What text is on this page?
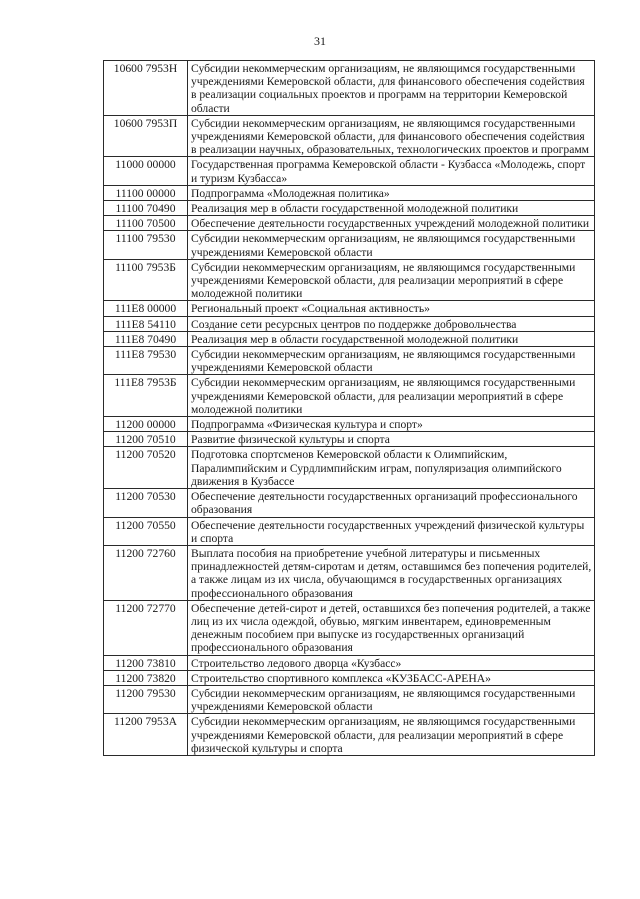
31
10600 7953Н	Субсидии некоммерческим организациям, не являющимся государственными учреждениями Кемеровской области, для финансового обеспечения содействия в реализации социальных проектов и программ на территории Кемеровской области
10600 7953П	Субсидии некоммерческим организациям, не являющимся государственными учреждениями Кемеровской области, для финансового обеспечения содействия в реализации научных, образовательных, технологических проектов и программ
11000 00000	Государственная программа Кемеровской области - Кузбасса «Молодежь, спорт и туризм Кузбасса»
11100 00000	Подпрограмма «Молодежная политика»
11100 70490	Реализация мер в области государственной молодежной политики
11100 70500	Обеспечение деятельности государственных учреждений молодежной политики
11100 79530	Субсидии некоммерческим организациям, не являющимся государственными учреждениями Кемеровской области
11100 7953Б	Субсидии некоммерческим организациям, не являющимся государственными учреждениями Кемеровской области, для реализации мероприятий в сфере молодежной политики
111Е8 00000	Региональный проект «Социальная активность»
111Е8 54110	Создание сети ресурсных центров по поддержке добровольчества
111Е8 70490	Реализация мер в области государственной молодежной политики
111Е8 79530	Субсидии некоммерческим организациям, не являющимся государственными учреждениями Кемеровской области
111Е8 7953Б	Субсидии некоммерческим организациям, не являющимся государственными учреждениями Кемеровской области, для реализации мероприятий в сфере молодежной политики
11200 00000	Подпрограмма «Физическая культура и спорт»
11200 70510	Развитие физической культуры и спорта
11200 70520	Подготовка спортсменов Кемеровской области к Олимпийским, Паралимпийским и Сурдлимпийским играм, популяризация олимпийского движения в Кузбассе
11200 70530	Обеспечение деятельности государственных организаций профессионального образования
11200 70550	Обеспечение деятельности государственных учреждений физической культуры и спорта
11200 72760	Выплата пособия на приобретение учебной литературы и письменных принадлежностей детям-сиротам и детям, оставшимся без попечения родителей, а также лицам из их числа, обучающимся в государственных организациях профессионального образования
11200 72770	Обеспечение детей-сирот и детей, оставшихся без попечения родителей, а также лиц из их числа одеждой, обувью, мягким инвентарем, единовременным денежным пособием при выпуске из государственных организаций профессионального образования
11200 73810	Строительство ледового дворца «Кузбасс»
11200 73820	Строительство спортивного комплекса «КУЗБАСС-АРЕНА»
11200 79530	Субсидии некоммерческим организациям, не являющимся государственными учреждениями Кемеровской области
11200 7953А	Субсидии некоммерческим организациям, не являющимся государственными учреждениями Кемеровской области, для реализации мероприятий в сфере физической культуры и спорта
